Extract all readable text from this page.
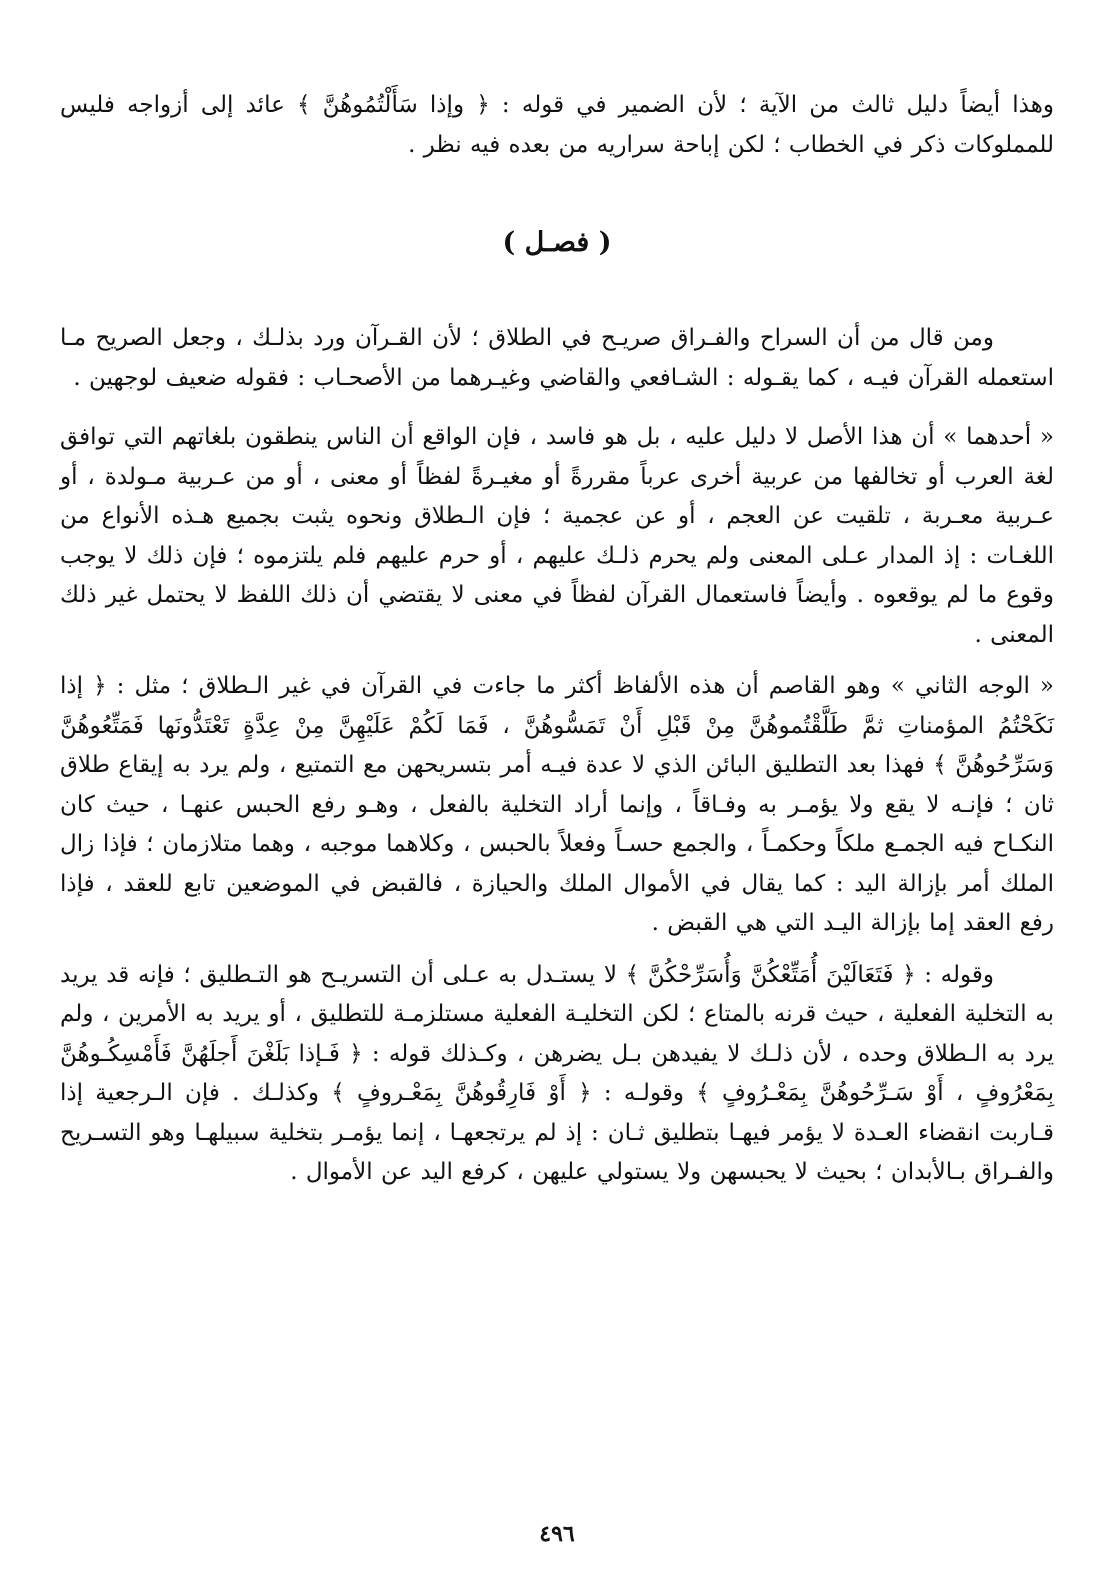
وهذا أيضاً دليل ثالث من الآية ؛ لأن الضمير في قوله : ﴿ وإذا سَأَلْتُمُوهُنَّ ﴾ عائد إلى أزواجه فليس للمملوكات ذكر في الخطاب ؛ لكن إباحة سراريه من بعده فيه نظر .

( فصـل )

ومن قال من أن السراح والفـراق صريـح في الطلاق ؛ لأن القـرآن ورد بذلـك ، وجعل الصريح مـا استعمله القرآن فيـه ، كما يقـوله : الشـافعي والقاضي وغيـرهما من الأصحـاب : فقوله ضعيف لوجهين .

« أحدهما » أن هذا الأصل لا دليل عليه ، بل هو فاسد ، فإن الواقع أن الناس ينطقون بلغاتهم التي توافق لغة العرب أو تخالفها من عربية أخرى عرباً مقررةً أو مغيـرةً لفظاً أو معنى ، أو من عـربية مـولدة ، أو عـربية معـربة ، تلقيت عن العجم ، أو عن عجمية ؛ فإن الـطلاق ونحوه يثبت بجميع هـذه الأنواع من اللغـات : إذ المدار عـلى المعنى ولم يحرم ذلـك عليهم ، أو حرم عليهم فلم يلتزموه ؛ فإن ذلك لا يوجب وقوع ما لم يوقعوه . وأيضاً فاستعمال القرآن لفظاً في معنى لا يقتضي أن ذلك اللفظ لا يحتمل غير ذلك المعنى .

« الوجه الثاني » وهو القاصم أن هذه الألفاظ أكثر ما جاءت في القرآن في غير الـطلاق ؛ مثل : ﴿ إذا نَكَحْتُمُ المؤمناتِ ثمَّ طَلَّقْتُموهُنَّ مِنْ قَبْلِ أَنْ تَمَسُّوهُنَّ ، فَمَا لَكُمْ عَلَيْهِنَّ مِنْ عِدَّةٍ تَعْتَدُّونَها فَمَتِّعُوهُنَّ وَسَرِّحُوهُنَّ ﴾ فهذا بعد التطليق البائن الذي لا عدة فيـه أمر بتسريحهن مع التمتيع ، ولم يرد به إيقاع طلاق ثان ؛ فإنـه لا يقع ولا يؤمـر به وفـاقاً ، وإنما أراد التخلية بالفعل ، وهـو رفع الحبس عنهـا ، حيث كان النكـاح فيه الجمـع ملكاً وحكمـاً ، والجمع حسـاً وفعلاً بالحبس ، وكلاهما موجبه ، وهما متلازمان ؛ فإذا زال الملك أمر بإزالة اليد : كما يقال في الأموال الملك والحيازة ، فالقبض في الموضعين تابع للعقد ، فإذا رفع العقد إما بإزالة اليـد التي هي القبض .

وقوله : ﴿ فَتَعَالَيْنَ أُمَتِّعْكُنَّ وَأُسَرِّحْكُنَّ ﴾ لا يستـدل به عـلى أن التسريـح هو التـطليق ؛ فإنه قد يريد به التخلية الفعلية ، حيث قرنه بالمتاع ؛ لكن التخليـة الفعلية مستلزمـة للتطليق ، أو يريد به الأمرين ، ولم يرد به الـطلاق وحده ، لأن ذلـك لا يفيدهن بـل يضرهن ، وكـذلك قوله : ﴿ فَـإذا بَلَغْنَ أَجلَهُنَّ فَأَمْسِكُـوهُنَّ بِمَعْرُوفٍ ، أَوْ سَـرِّحُوهُنَّ بِمَعْـرُوفٍ ﴾ وقولـه : ﴿ أَوْ فَارِقُوهُنَّ بِمَعْـروفٍ ﴾ وكذلـك . فإن الـرجعية إذا قـاربت انقضاء العـدة لا يؤمر فيهـا بتطليق ثـان : إذ لم يرتجعهـا ، إنما يؤمـر بتخلية سبيلهـا وهو التسـريح والفـراق بـالأبدان ؛ بحيث لا يحبسهن ولا يستولي عليهن ، كرفع اليد عن الأموال .

٤٩٦
